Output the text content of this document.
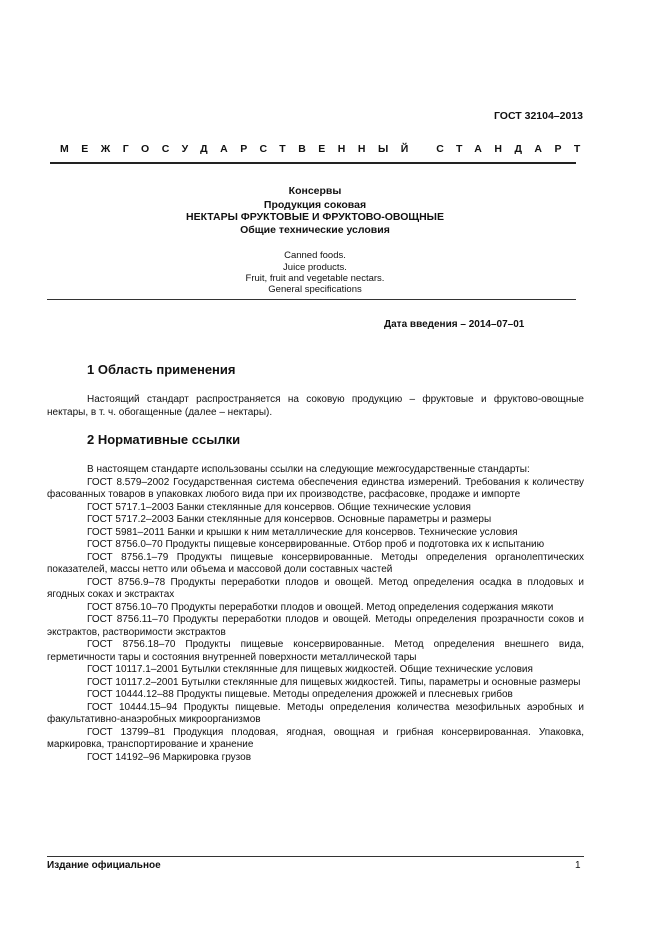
ГОСТ 32104–2013
МЕЖГОСУДАРСТВЕННЫЙ СТАНДАРТ
Консервы
Продукция соковая
НЕКТАРЫ ФРУКТОВЫЕ И ФРУКТОВО-ОВОЩНЫЕ
Общие технические условия
Canned foods.
Juice products.
Fruit, fruit and vegetable nectars.
General specifications
Дата введения – 2014–07–01
1 Область применения
Настоящий стандарт распространяется на соковую продукцию – фруктовые и фруктово-овощные нектары, в т. ч. обогащенные (далее – нектары).
2 Нормативные ссылки
В настоящем стандарте использованы ссылки на следующие межгосударственные стандарты:
ГОСТ 8.579–2002 Государственная система обеспечения единства измерений. Требования к количеству фасованных товаров в упаковках любого вида при их производстве, расфасовке, продаже и импорте
ГОСТ 5717.1–2003 Банки стеклянные для консервов. Общие технические условия
ГОСТ 5717.2–2003 Банки стеклянные для консервов. Основные параметры и размеры
ГОСТ 5981–2011 Банки и крышки к ним металлические для консервов. Технические условия
ГОСТ 8756.0–70 Продукты пищевые консервированные. Отбор проб и подготовка их к испытанию
ГОСТ 8756.1–79 Продукты пищевые консервированные. Методы определения органолептических показателей, массы нетто или объема и массовой доли составных частей
ГОСТ 8756.9–78 Продукты переработки плодов и овощей. Метод определения осадка в плодовых и ягодных соках и экстрактах
ГОСТ 8756.10–70 Продукты переработки плодов и овощей. Метод определения содержания мякоти
ГОСТ 8756.11–70 Продукты переработки плодов и овощей. Методы определения прозрачности соков и экстрактов, растворимости экстрактов
ГОСТ 8756.18–70 Продукты пищевые консервированные. Метод определения внешнего вида, герметичности тары и состояния внутренней поверхности металлической тары
ГОСТ 10117.1–2001 Бутылки стеклянные для пищевых жидкостей. Общие технические условия
ГОСТ 10117.2–2001 Бутылки стеклянные для пищевых жидкостей. Типы, параметры и основные размеры
ГОСТ 10444.12–88 Продукты пищевые. Методы определения дрожжей и плесневых грибов
ГОСТ 10444.15–94 Продукты пищевые. Методы определения количества мезофильных аэробных и факультативно-анаэробных микроорганизмов
ГОСТ 13799–81 Продукция плодовая, ягодная, овощная и грибная консервированная. Упаковка, маркировка, транспортирование и хранение
ГОСТ 14192–96 Маркировка грузов
Издание официальное	1
